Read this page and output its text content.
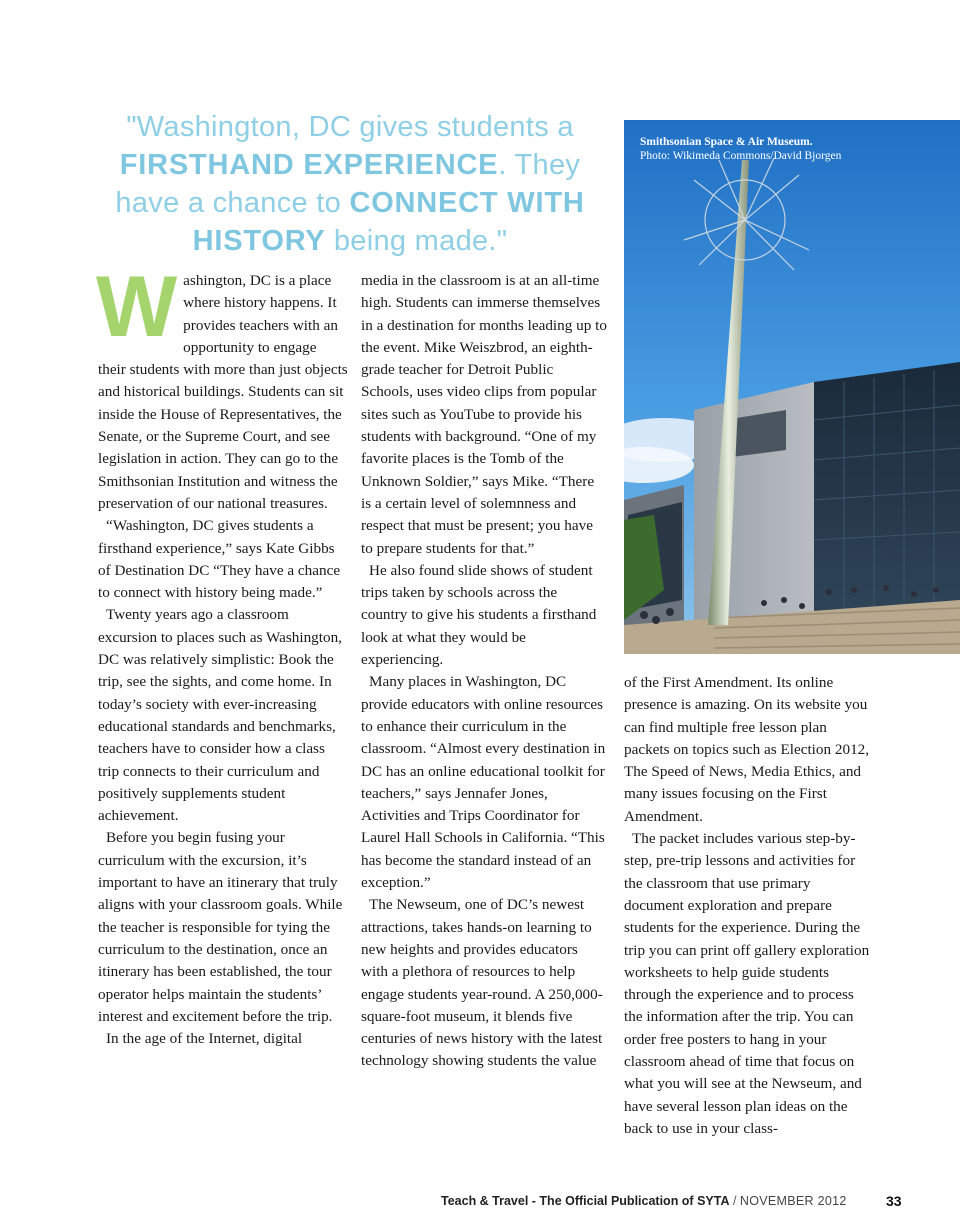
"Washington, DC gives students a FIRSTHAND EXPERIENCE. They have a chance to CONNECT WITH HISTORY being made."

Washington, DC is a place where history happens. It provides teachers with an opportunity to engage their students with more than just objects and historical buildings. Students can sit inside the House of Representatives, the Senate, or the Supreme Court, and see legislation in action. They can go to the Smithsonian Institution and witness the preservation of our national treasures.

“Washington, DC gives students a firsthand experience,” says Kate Gibbs of Destination DC “They have a chance to connect with history being made.”

Twenty years ago a classroom excursion to places such as Washington, DC was relatively simplistic: Book the trip, see the sights, and come home. In today’s society with ever-increasing educational standards and benchmarks, teachers have to consider how a class trip connects to their curriculum and positively supplements student achievement.

Before you begin fusing your curriculum with the excursion, it’s important to have an itinerary that truly aligns with your classroom goals. While the teacher is responsible for tying the curriculum to the destination, once an itinerary has been established, the tour operator helps maintain the students’ interest and excitement before the trip.

In the age of the Internet, digital

media in the classroom is at an all-time high. Students can immerse themselves in a destination for months leading up to the event. Mike Weiszbrod, an eighth-grade teacher for Detroit Public Schools, uses video clips from popular sites such as YouTube to provide his students with background. “One of my favorite places is the Tomb of the Unknown Soldier,” says Mike. “There is a certain level of solemnness and respect that must be present; you have to prepare students for that.”

He also found slide shows of student trips taken by schools across the country to give his students a firsthand look at what they would be experiencing.

Many places in Washington, DC provide educators with online resources to enhance their curriculum in the classroom. “Almost every destination in DC has an online educational toolkit for teachers,” says Jennafer Jones, Activities and Trips Coordinator for Laurel Hall Schools in California. “This has become the standard instead of an exception.”

The Newseum, one of DC’s newest attractions, takes hands-on learning to new heights and provides educators with a plethora of resources to help engage students year-round. A 250,000-square-foot museum, it blends five centuries of news history with the latest technology showing students the value

Smithsonian Space & Air Museum.
Photo: Wikimeda Commons/David Bjorgen

of the First Amendment. Its online presence is amazing. On its website you can find multiple free lesson plan packets on topics such as Election 2012, The Speed of News, Media Ethics, and many issues focusing on the First Amendment.

The packet includes various step-by-step, pre-trip lessons and activities for the classroom that use primary document exploration and prepare students for the experience. During the trip you can print off gallery exploration worksheets to help guide students through the experience and to process the information after the trip. You can order free posters to hang in your classroom ahead of time that focus on what you will see at the Newseum, and have several lesson plan ideas on the back to use in your class-

Teach & Travel - The Official Publication of SYTA / NOVEMBER 2012	33
